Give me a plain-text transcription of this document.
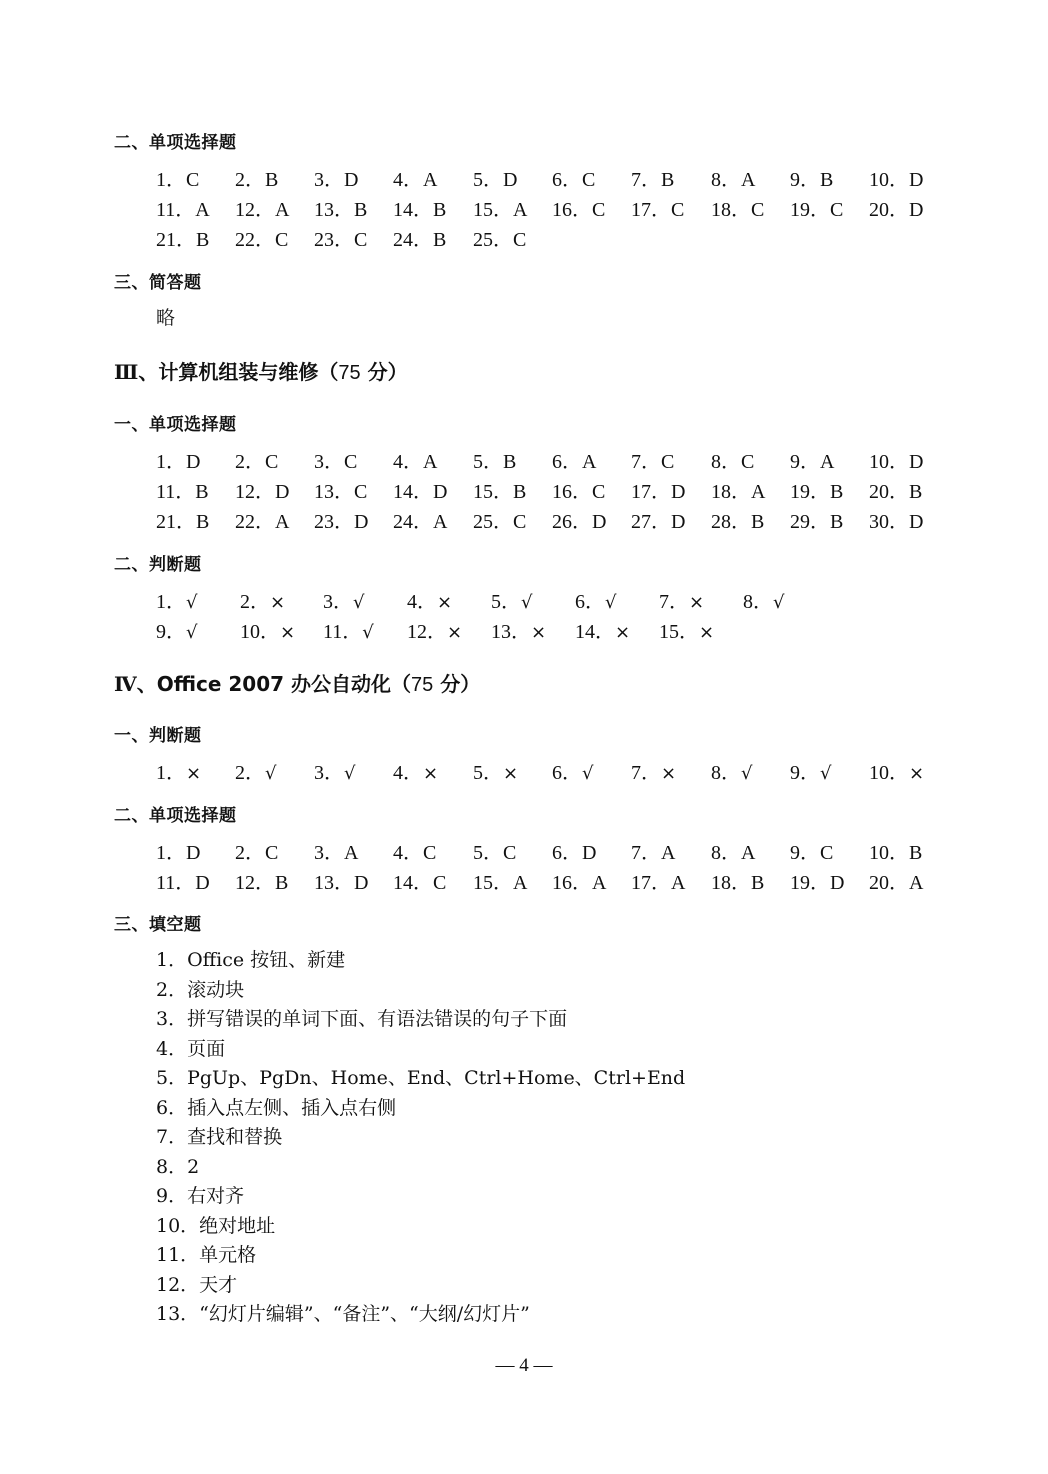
二、单项选择题
1．C 2．B 3．D 4．A 5．D 6．C 7．B 8．A 9．B 10．D
11．A 12．A 13．B 14．B 15．A 16．C 17．C 18．C 19．C 20．D
21．B 22．C 23．C 24．B 25．C
三、简答题
略
Ⅲ、计算机组装与维修（75 分）
一、单项选择题
1．D 2．C 3．C 4．A 5．B 6．A 7．C 8．C 9．A 10．D
11．B 12．D 13．C 14．D 15．B 16．C 17．D 18．A 19．B 20．B
21．B 22．A 23．D 24．A 25．C 26．D 27．D 28．B 29．B 30．D
二、判断题
1．√ 2．× 3．√ 4．× 5．√ 6．√ 7．× 8．√
9．√ 10．× 11．√ 12．× 13．× 14．× 15．×
Ⅳ、Office 2007 办公自动化（75 分）
一、判断题
1．× 2．√ 3．√ 4．× 5．× 6．√ 7．× 8．√ 9．√ 10．×
二、单项选择题
1．D 2．C 3．A 4．C 5．C 6．D 7．A 8．A 9．C 10．B
11．D 12．B 13．D 14．C 15．A 16．A 17．A 18．B 19．D 20．A
三、填空题
1．Office 按钮、新建
2．滚动块
3．拼写错误的单词下面、有语法错误的句子下面
4．页面
5．PgUp、PgDn、Home、End、Ctrl+Home、Ctrl+End
6．插入点左侧、插入点右侧
7．查找和替换
8．2
9．右对齐
10．绝对地址
11．单元格
12．天才
13．“幻灯片编辑”、“备注”、“大纲/幻灯片”
— 4 —
